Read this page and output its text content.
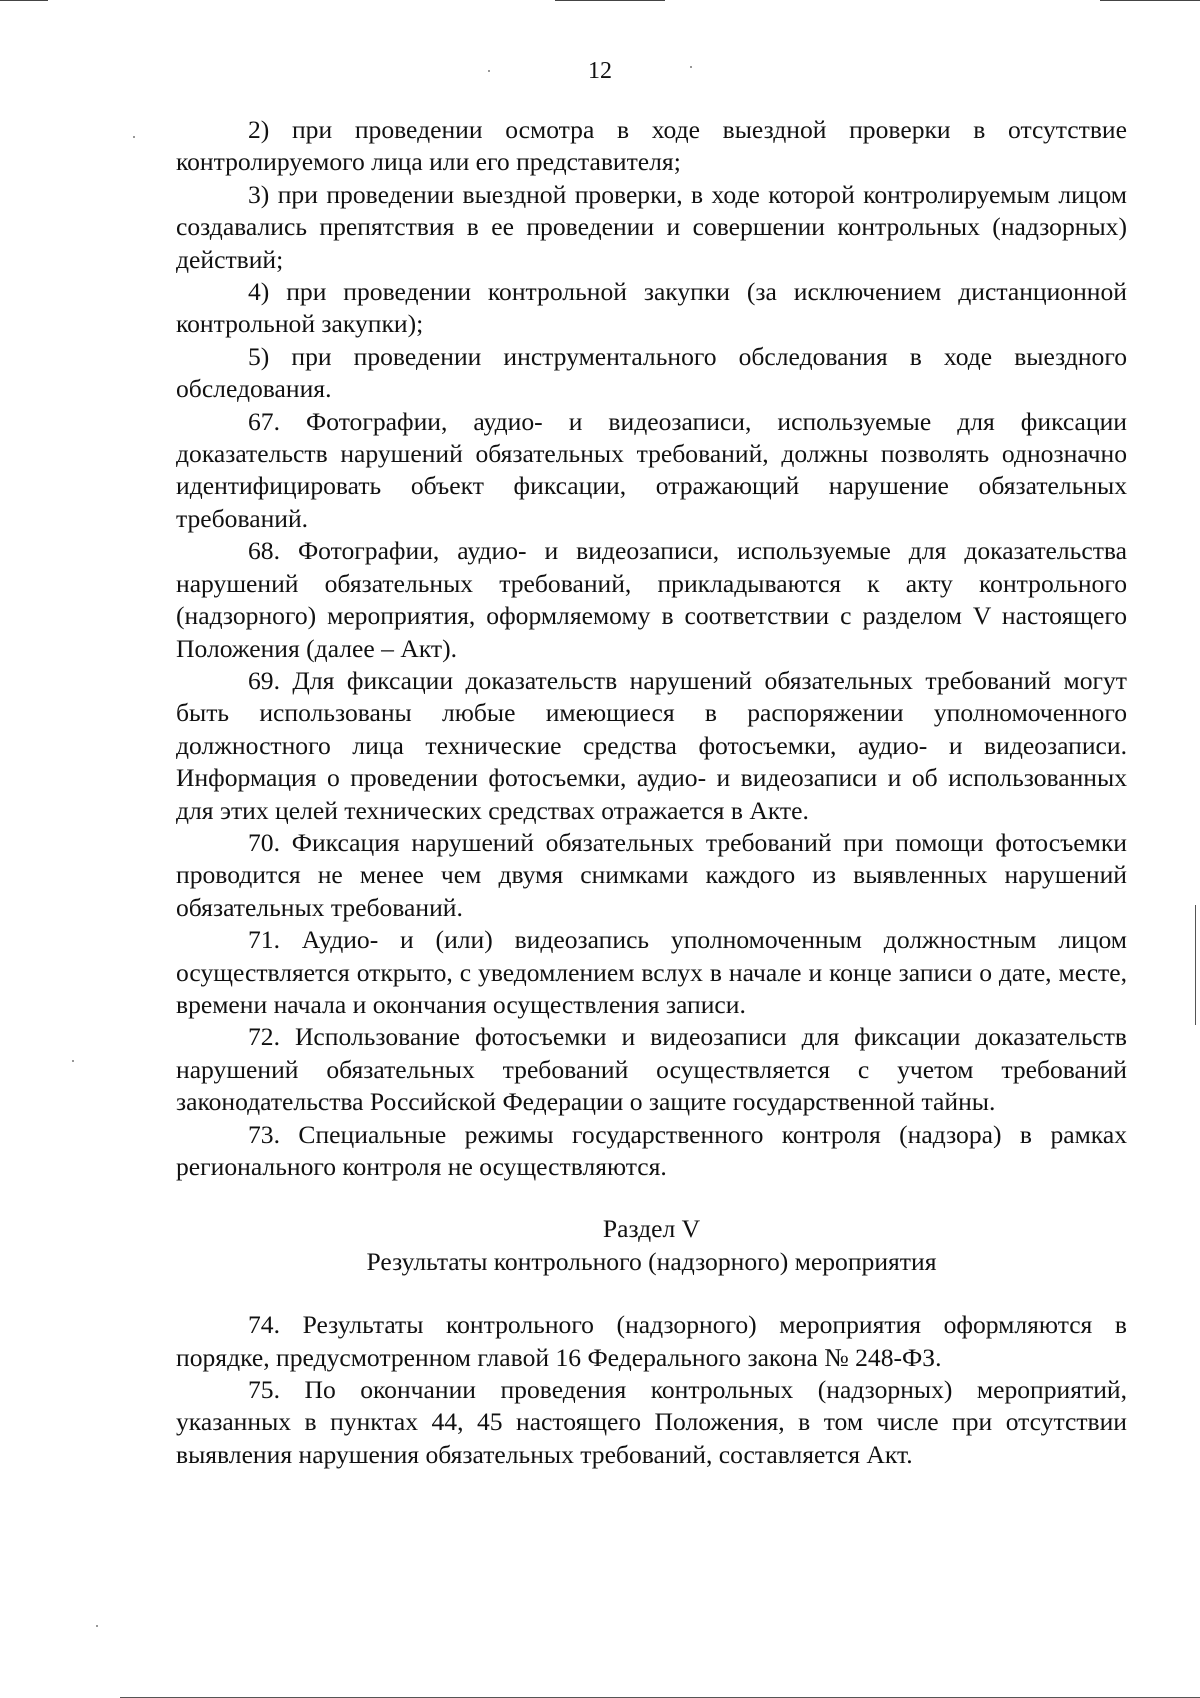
12

2) при проведении осмотра в ходе выездной проверки в отсутствие контролируемого лица или его представителя;

3) при проведении выездной проверки, в ходе которой контролируемым лицом создавались препятствия в ее проведении и совершении контрольных (надзорных) действий;

4) при проведении контрольной закупки (за исключением дистанционной контрольной закупки);

5) при проведении инструментального обследования в ходе выездного обследования.

67. Фотографии, аудио- и видеозаписи, используемые для фиксации доказательств нарушений обязательных требований, должны позволять однозначно идентифицировать объект фиксации, отражающий нарушение обязательных требований.

68. Фотографии, аудио- и видеозаписи, используемые для доказательства нарушений обязательных требований, прикладываются к акту контрольного (надзорного) мероприятия, оформляемому в соответствии с разделом V настоящего Положения (далее – Акт).

69. Для фиксации доказательств нарушений обязательных требований могут быть использованы любые имеющиеся в распоряжении уполномоченного должностного лица технические средства фотосъемки, аудио- и видеозаписи. Информация о проведении фотосъемки, аудио- и видеозаписи и об использованных для этих целей технических средствах отражается в Акте.

70. Фиксация нарушений обязательных требований при помощи фотосъемки проводится не менее чем двумя снимками каждого из выявленных нарушений обязательных требований.

71. Аудио- и (или) видеозапись уполномоченным должностным лицом осуществляется открыто, с уведомлением вслух в начале и конце записи о дате, месте, времени начала и окончания осуществления записи.

72. Использование фотосъемки и видеозаписи для фиксации доказательств нарушений обязательных требований осуществляется с учетом требований законодательства Российской Федерации о защите государственной тайны.

73. Специальные режимы государственного контроля (надзора) в рамках регионального контроля не осуществляются.

Раздел V

Результаты контрольного (надзорного) мероприятия

74. Результаты контрольного (надзорного) мероприятия оформляются в порядке, предусмотренном главой 16 Федерального закона № 248-ФЗ.

75. По окончании проведения контрольных (надзорных) мероприятий, указанных в пунктах 44, 45 настоящего Положения, в том числе при отсутствии выявления нарушения обязательных требований, составляется Акт.
